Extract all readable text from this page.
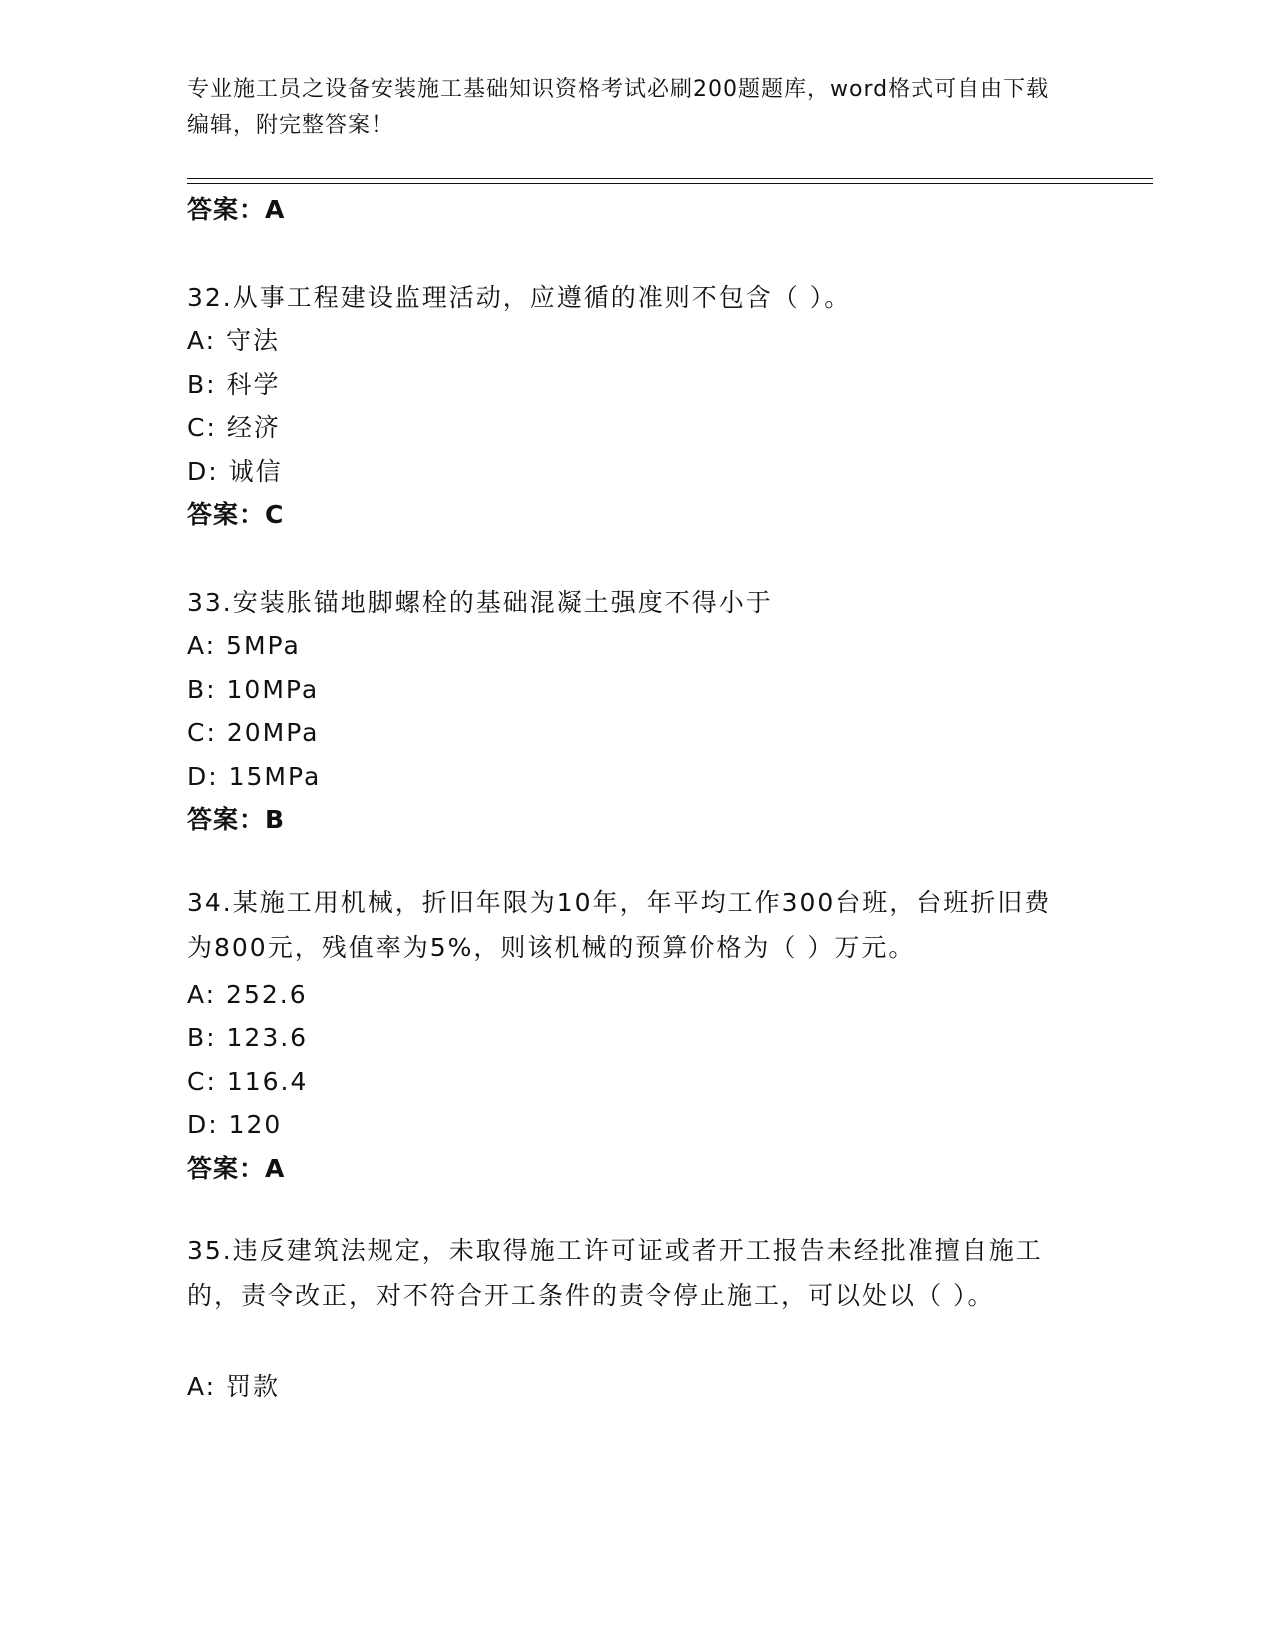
专业施工员之设备安装施工基础知识资格考试必刷200题题库，word格式可自由下载编辑，附完整答案！
答案：A
32.从事工程建设监理活动，应遵循的准则不包含（ ）。
A: 守法
B: 科学
C: 经济
D: 诚信
答案：C
33.安装胀锚地脚螺栓的基础混凝土强度不得小于
A: 5MPa
B: 10MPa
C: 20MPa
D: 15MPa
答案：B
34.某施工用机械，折旧年限为10年，年平均工作300台班，台班折旧费为800元，残值率为5%，则该机械的预算价格为（ ）万元。
A: 252.6
B: 123.6
C: 116.4
D: 120
答案：A
35.违反建筑法规定，未取得施工许可证或者开工报告未经批准擅自施工的，责令改正，对不符合开工条件的责令停止施工，可以处以（ ）。
A: 罚款
